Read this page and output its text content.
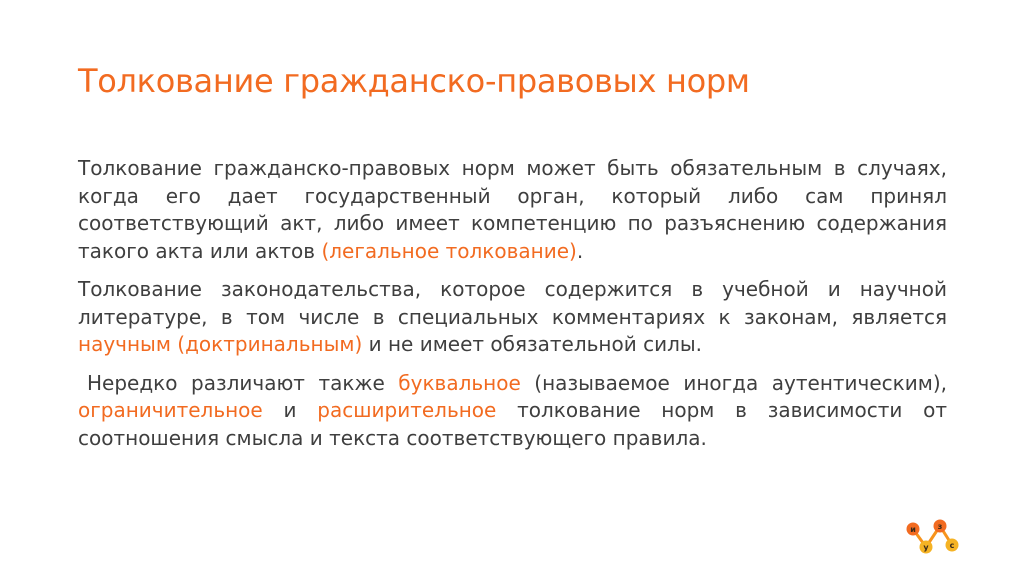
Толкование гражданско-правовых норм

Толкование гражданско-правовых норм может быть обязательным в случаях, когда его дает государственный орган, который либо сам принял соответствующий акт, либо имеет компетенцию по разъяснению содержания такого акта или актов (легальное толкование).

Толкование законодательства, которое содержится в учебной и научной литературе, в том числе в специальных комментариях к законам, является научным (доктринальным) и не имеет обязательной силы.

Нередко различают также буквальное (называемое иногда аутентическим), ограничительное и расширительное толкование норм в зависимости от соотношения смысла и текста соответствующего правила.

и
у
з
с
